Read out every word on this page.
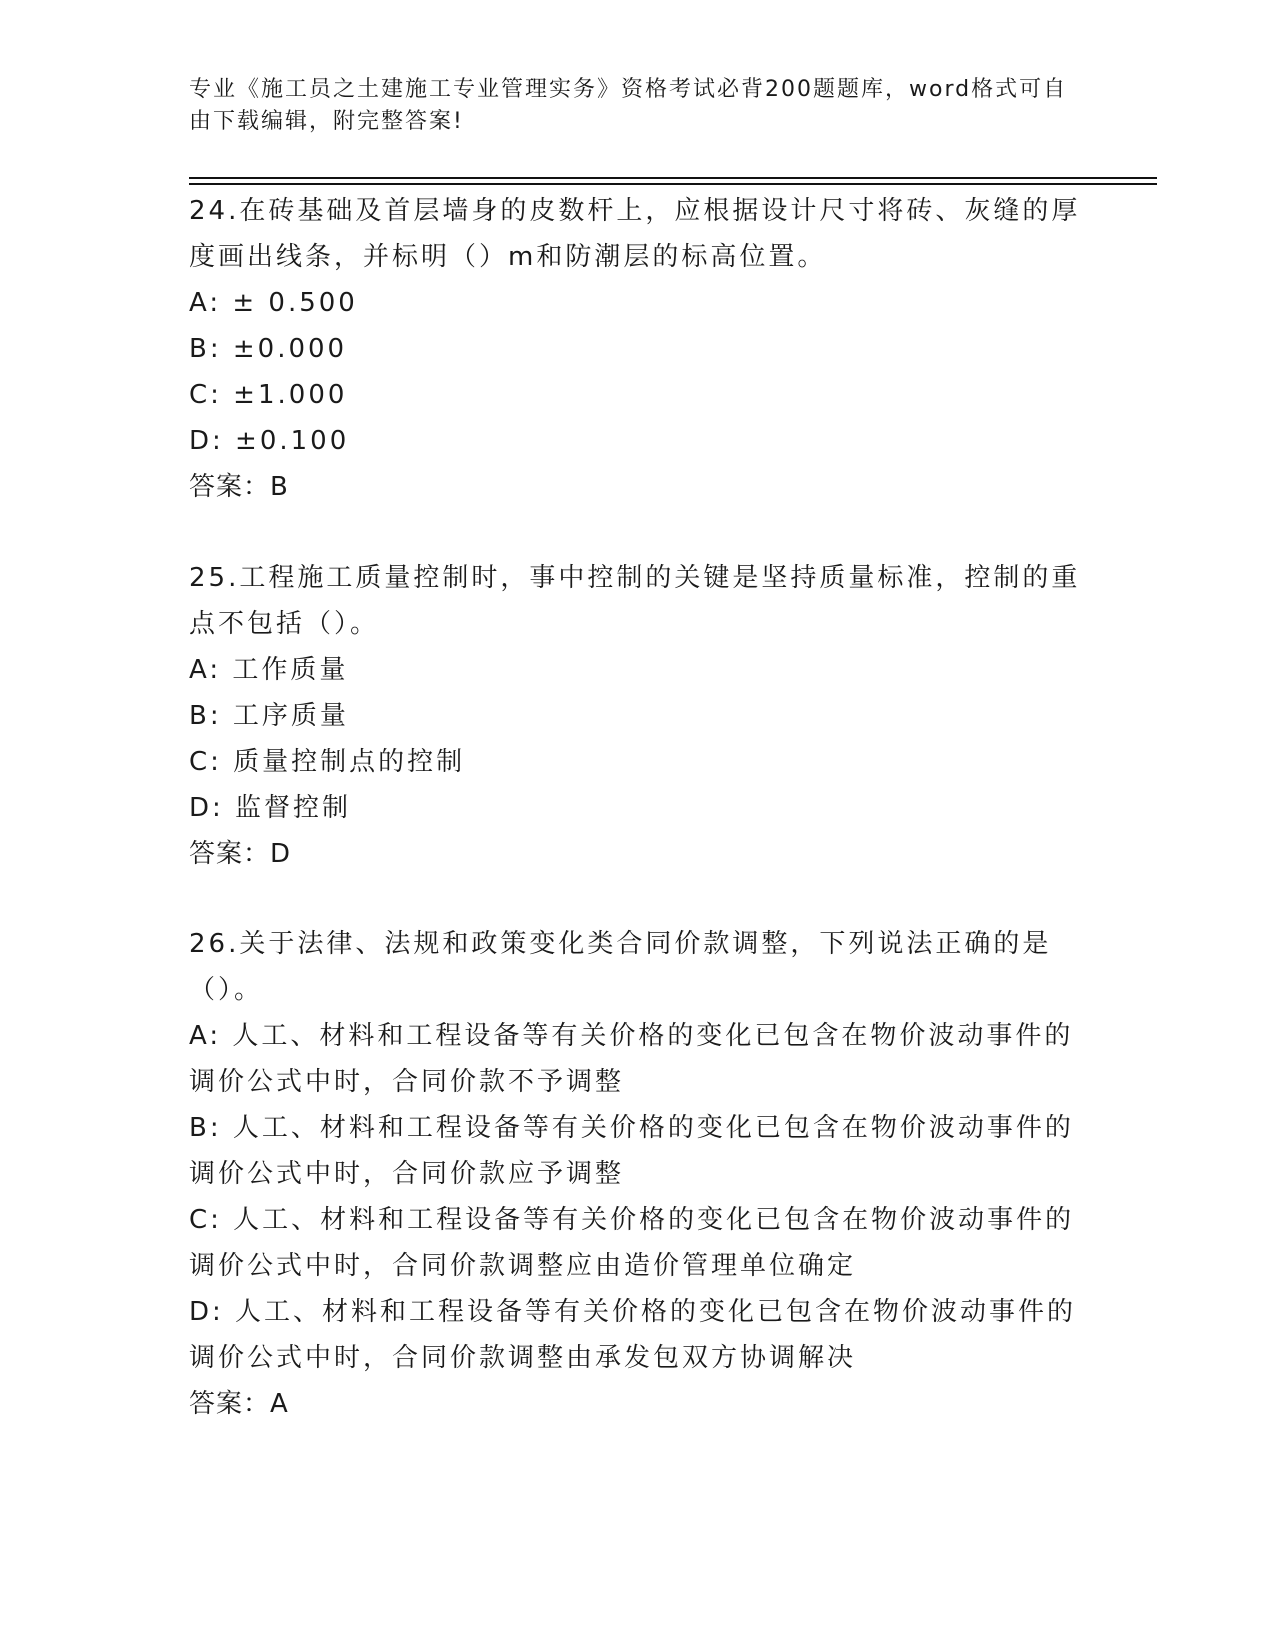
专业《施工员之土建施工专业管理实务》资格考试必背200题题库，word格式可自由下载编辑，附完整答案!
24.在砖基础及首层墙身的皮数杆上，应根据设计尺寸将砖、灰缝的厚度画出线条，并标明（）m和防潮层的标高位置。
A: ± 0.500
B: ±0.000
C: ±1.000
D: ±0.100
答案：B
25.工程施工质量控制时，事中控制的关键是坚持质量标准，控制的重点不包括（）。
A: 工作质量
B: 工序质量
C: 质量控制点的控制
D: 监督控制
答案：D
26.关于法律、法规和政策变化类合同价款调整，下列说法正确的是（）。
A: 人工、材料和工程设备等有关价格的变化已包含在物价波动事件的调价公式中时，合同价款不予调整
B: 人工、材料和工程设备等有关价格的变化已包含在物价波动事件的调价公式中时，合同价款应予调整
C: 人工、材料和工程设备等有关价格的变化已包含在物价波动事件的调价公式中时，合同价款调整应由造价管理单位确定
D: 人工、材料和工程设备等有关价格的变化已包含在物价波动事件的调价公式中时，合同价款调整由承发包双方协调解决
答案：A
